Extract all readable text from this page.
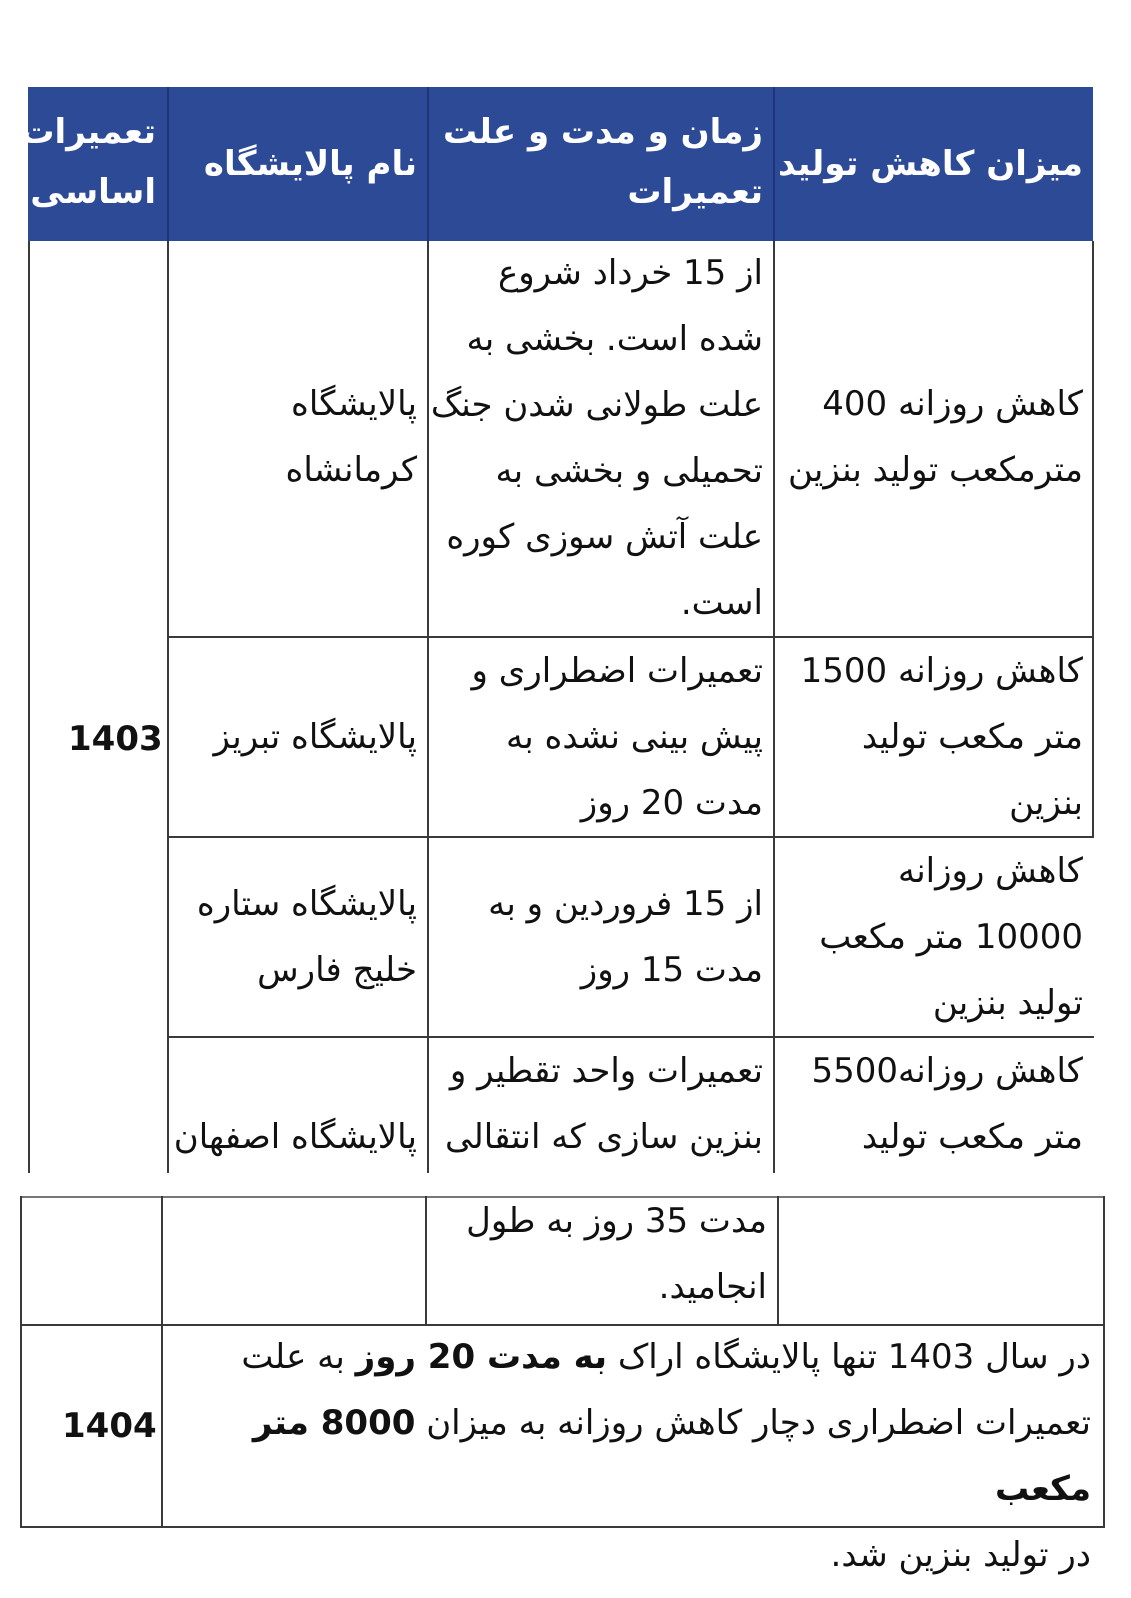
میزان کاهش تولید
زمان و مدت و علت
تعمیرات
نام پالایشگاه
تعمیرات
اساسی
کاهش روزانه 400
مترمکعب تولید بنزین
از 15 خرداد شروع
شده است. بخشی به
علت طولانی شدن جنگ
تحمیلی و بخشی به
علت آتش سوزی کوره
است.
پالایشگاه
کرمانشاه
کاهش روزانه 1500
متر مکعب تولید
بنزین
تعمیرات اضطراری و
پیش بینی نشده به
مدت 20 روز
پالایشگاه تبریز
1403
کاهش روزانه
10000 متر مکعب
تولید بنزین
از 15 فروردین و به
مدت 15 روز
پالایشگاه ستاره
خلیج فارس
کاهش روزانه5500
متر مکعب تولید
تعمیرات واحد تقطیر و
بنزین سازی که انتقالی
پالایشگاه اصفهان
مدت 35 روز به طول
انجامید.
1404
در سال 1403 تنها پالایشگاه اراک به مدت 20 روز به علت
تعمیرات اضطراری دچار کاهش روزانه به میزان 8000 متر مکعب
در تولید بنزین شد.
